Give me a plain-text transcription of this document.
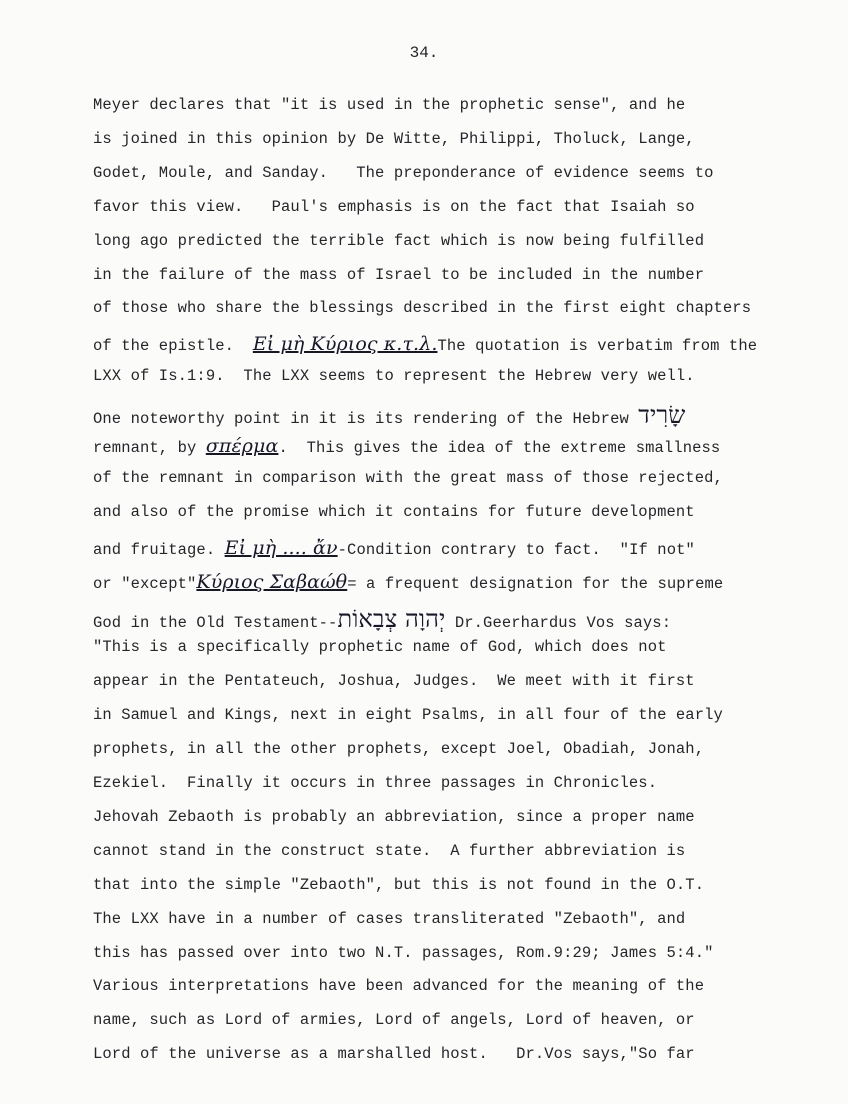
34.
Meyer declares that "it is used in the prophetic sense", and he
is joined in this opinion by De Witte, Philippi, Tholuck, Lange,
Godet, Moule, and Sanday.   The preponderance of evidence seems to
favor this view.   Paul's emphasis is on the fact that Isaiah so
long ago predicted the terrible fact which is now being fulfilled
in the failure of the mass of Israel to be included in the number
of those who share the blessings described in the first eight chapters
of the epistle.  Εἰ μὴ Κύριος κ.τ.λ.The quotation is verbatim from the
LXX of Is.1:9.  The LXX seems to represent the Hebrew very well.
One noteworthy point in it is its rendering of the Hebrew שָׂרִיד
remnant, by σπέρμα.  This gives the idea of the extreme smallness
of the remnant in comparison with the great mass of those rejected,
and also of the promise which it contains for future development
and fruitage. Εἰ μὴ .... ἄν-Condition contrary to fact.  "If not"
or "except"Κύριος Σαβαώθ= a frequent designation for the supreme
God in the Old Testament--יְהוָה צְבָאוֹת Dr.Geerhardus Vos says:
"This is a specifically prophetic name of God, which does not
appear in the Pentateuch, Joshua, Judges.  We meet with it first
in Samuel and Kings, next in eight Psalms, in all four of the early
prophets, in all the other prophets, except Joel, Obadiah, Jonah,
Ezekiel.  Finally it occurs in three passages in Chronicles.
Jehovah Zebaoth is probably an abbreviation, since a proper name
cannot stand in the construct state.  A further abbreviation is
that into the simple "Zebaoth", but this is not found in the O.T.
The LXX have in a number of cases transliterated "Zebaoth", and
this has passed over into two N.T. passages, Rom.9:29; James 5:4."
Various interpretations have been advanced for the meaning of the
name, such as Lord of armies, Lord of angels, Lord of heaven, or
Lord of the universe as a marshalled host.   Dr.Vos says,"So far
